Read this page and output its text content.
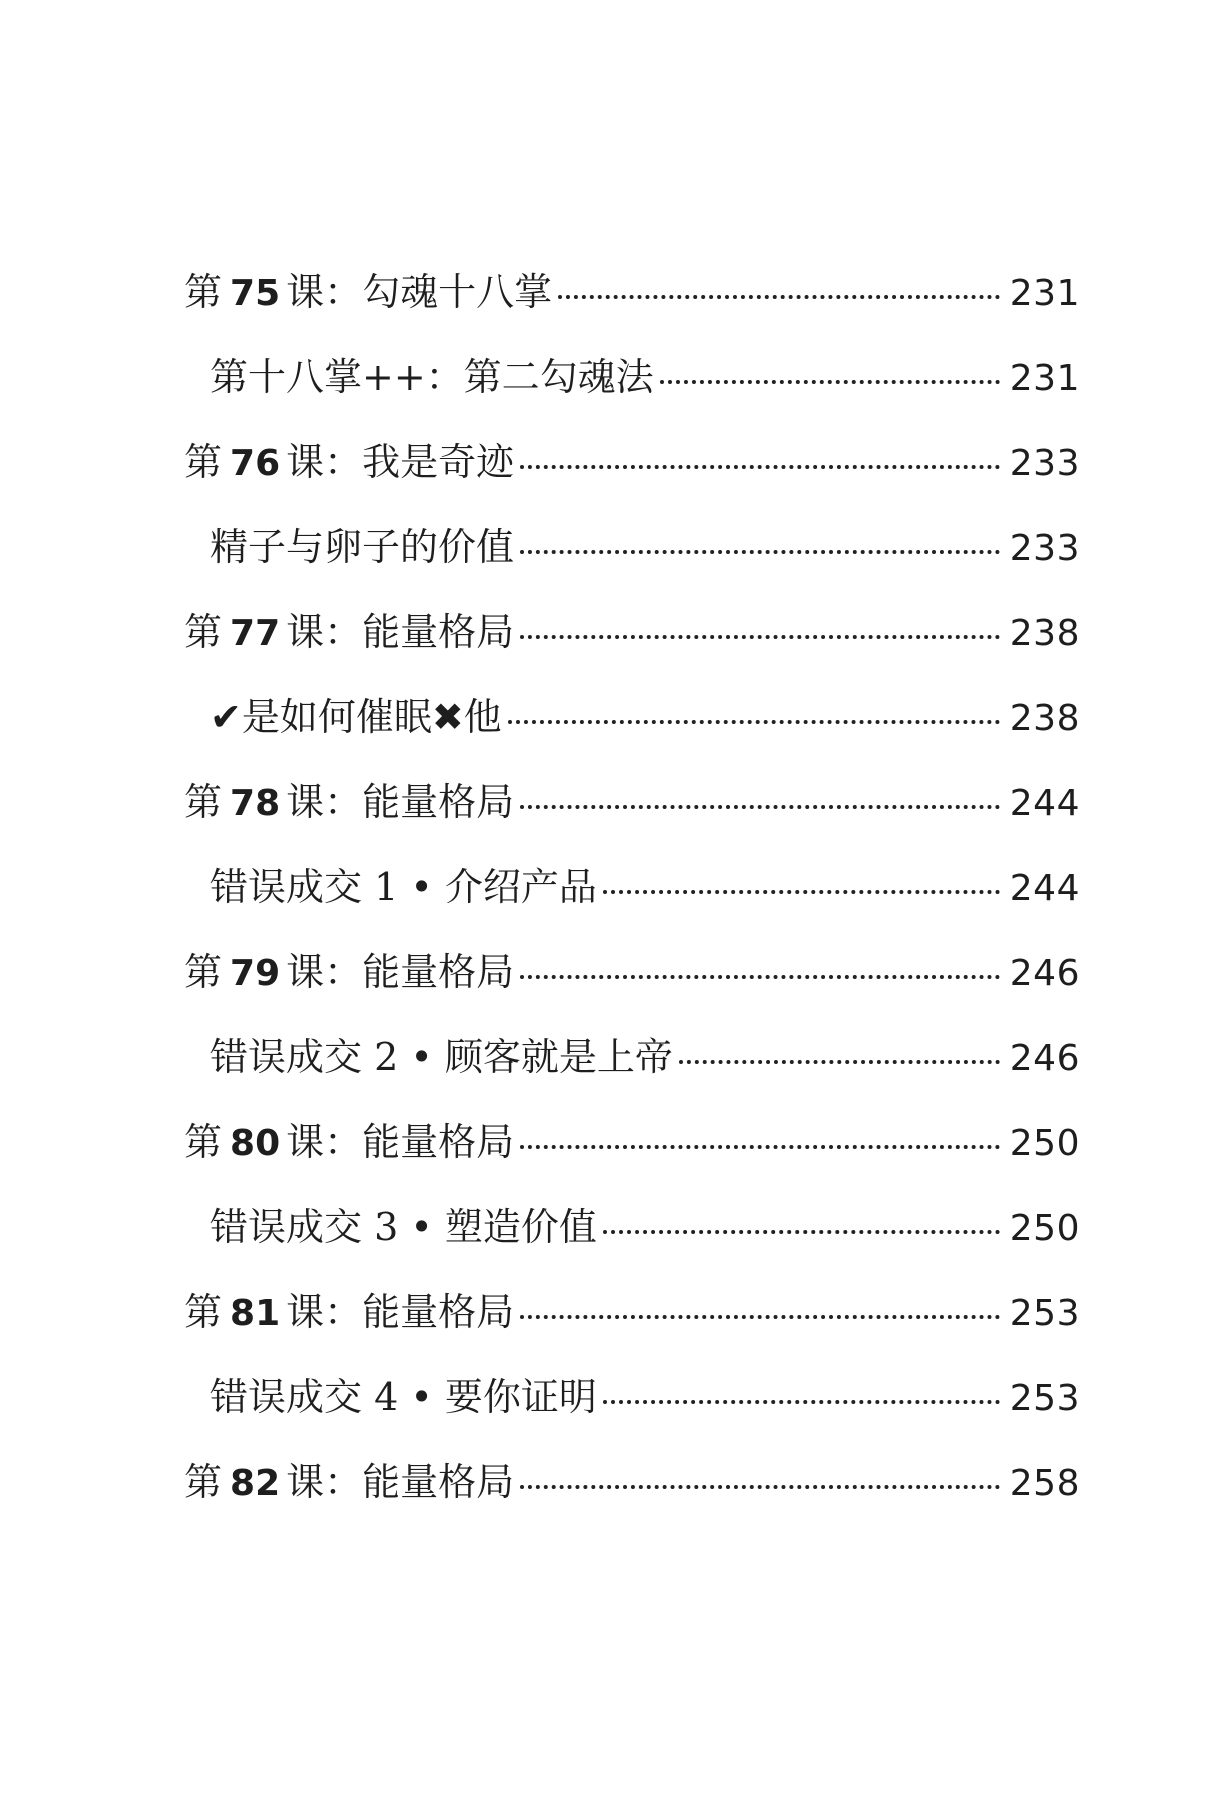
第 75 课：勾魂十八掌	231
第十八掌++：第二勾魂法	231
第 76 课：我是奇迹	233
精子与卵子的价值	233
第 77 课：能量格局	238
✔是如何催眠✖他	238
第 78 课：能量格局	244
错误成交 1 • 介绍产品	244
第 79 课：能量格局	246
错误成交 2 • 顾客就是上帝	246
第 80 课：能量格局	250
错误成交 3 • 塑造价值	250
第 81 课：能量格局	253
错误成交 4 • 要你证明	253
第 82 课：能量格局	258
